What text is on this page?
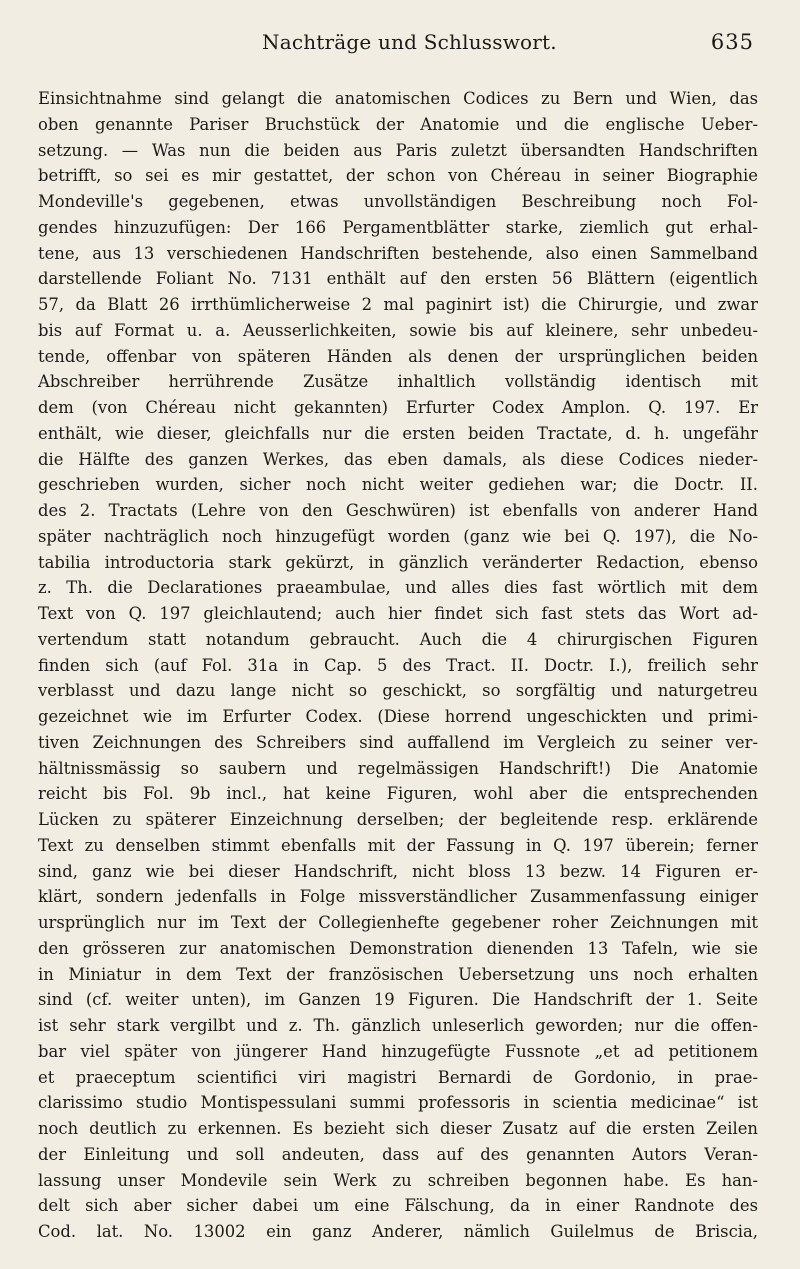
Nachträge und Schlusswort.	635
Einsichtnahme sind gelangt die anatomischen Codices zu Bern und Wien, das
oben genannte Pariser Bruchstück der Anatomie und die englische Ueber-
setzung. — Was nun die beiden aus Paris zuletzt übersandten Handschriften
betrifft, so sei es mir gestattet, der schon von Chéreau in seiner Biographie
Mondeville's gegebenen, etwas unvollständigen Beschreibung noch Fol-
gendes hinzuzufügen: Der 166 Pergamentblätter starke, ziemlich gut erhal-
tene, aus 13 verschiedenen Handschriften bestehende, also einen Sammelband
darstellende Foliant No. 7131 enthält auf den ersten 56 Blättern (eigentlich
57, da Blatt 26 irrthümlicherweise 2 mal paginirt ist) die Chirurgie, und zwar
bis auf Format u. a. Aeusserlichkeiten, sowie bis auf kleinere, sehr unbedeu-
tende, offenbar von späteren Händen als denen der ursprünglichen beiden
Abschreiber herrührende Zusätze inhaltlich vollständig identisch mit
dem (von Chéreau nicht gekannten) Erfurter Codex Amplon. Q. 197. Er
enthält, wie dieser, gleichfalls nur die ersten beiden Tractate, d. h. ungefähr
die Hälfte des ganzen Werkes, das eben damals, als diese Codices nieder-
geschrieben wurden, sicher noch nicht weiter gediehen war; die Doctr. II.
des 2. Tractats (Lehre von den Geschwüren) ist ebenfalls von anderer Hand
später nachträglich noch hinzugefügt worden (ganz wie bei Q. 197), die No-
tabilia introductoria stark gekürzt, in gänzlich veränderter Redaction, ebenso
z. Th. die Declarationes praeambulae, und alles dies fast wörtlich mit dem
Text von Q. 197 gleichlautend; auch hier findet sich fast stets das Wort ad-
vertendum statt notandum gebraucht. Auch die 4 chirurgischen Figuren
finden sich (auf Fol. 31a in Cap. 5 des Tract. II. Doctr. I.), freilich sehr
verblasst und dazu lange nicht so geschickt, so sorgfältig und naturgetreu
gezeichnet wie im Erfurter Codex. (Diese horrend ungeschickten und primi-
tiven Zeichnungen des Schreibers sind auffallend im Vergleich zu seiner ver-
hältnissmässig so saubern und regelmässigen Handschrift!) Die Anatomie
reicht bis Fol. 9b incl., hat keine Figuren, wohl aber die entsprechenden
Lücken zu späterer Einzeichnung derselben; der begleitende resp. erklärende
Text zu denselben stimmt ebenfalls mit der Fassung in Q. 197 überein; ferner
sind, ganz wie bei dieser Handschrift, nicht bloss 13 bezw. 14 Figuren er-
klärt, sondern jedenfalls in Folge missverständlicher Zusammenfassung einiger
ursprünglich nur im Text der Collegienhefte gegebener roher Zeichnungen mit
den grösseren zur anatomischen Demonstration dienenden 13 Tafeln, wie sie
in Miniatur in dem Text der französischen Uebersetzung uns noch erhalten
sind (cf. weiter unten), im Ganzen 19 Figuren. Die Handschrift der 1. Seite
ist sehr stark vergilbt und z. Th. gänzlich unleserlich geworden; nur die offen-
bar viel später von jüngerer Hand hinzugefügte Fussnote „et ad petitionem
et praeceptum scientifici viri magistri Bernardi de Gordonio, in prae-
clarissimo studio Montispessulani summi professoris in scientia medicinae“ ist
noch deutlich zu erkennen. Es bezieht sich dieser Zusatz auf die ersten Zeilen
der Einleitung und soll andeuten, dass auf des genannten Autors Veran-
lassung unser Mondevile sein Werk zu schreiben begonnen habe. Es han-
delt sich aber sicher dabei um eine Fälschung, da in einer Randnote des
Cod. lat. No. 13002 ein ganz Anderer, nämlich Guilelmus de Briscia,
